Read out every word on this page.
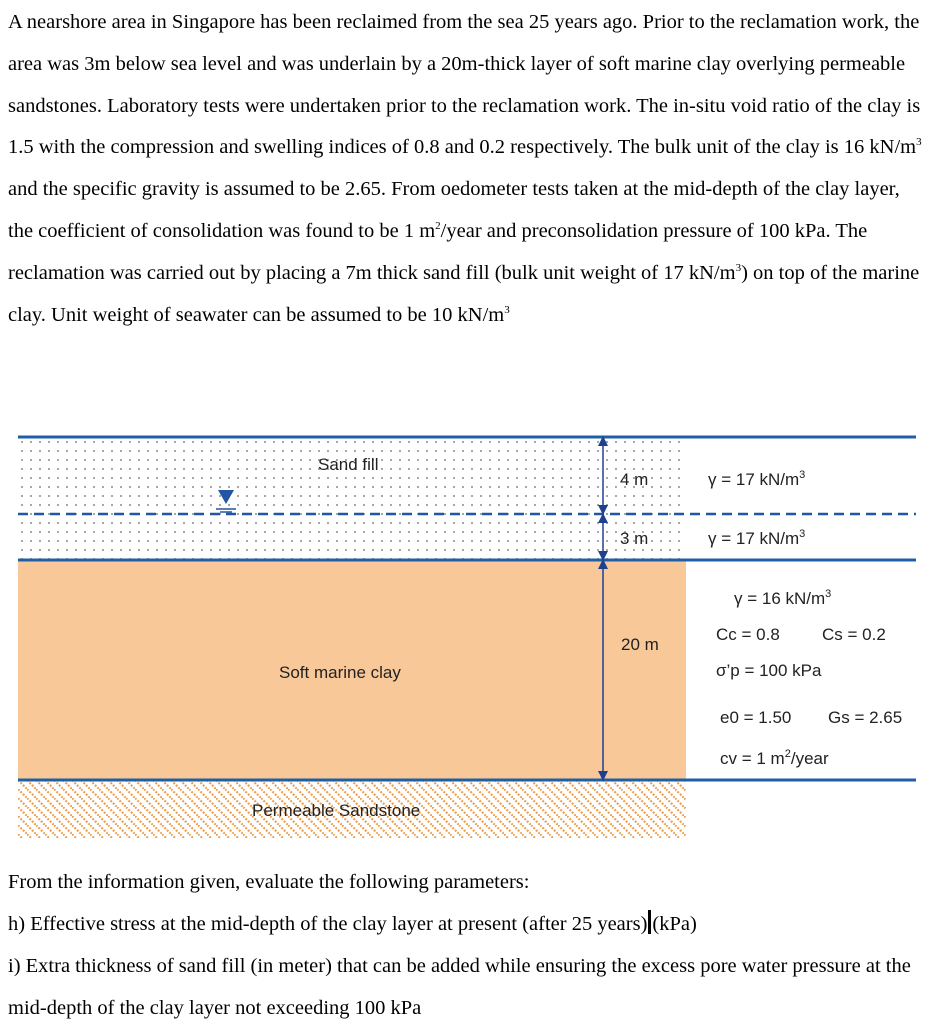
A nearshore area in Singapore has been reclaimed from the sea 25 years ago. Prior to the reclamation work, the area was 3m below sea level and was underlain by a 20m-thick layer of soft marine clay overlying permeable sandstones. Laboratory tests were undertaken prior to the reclamation work. The in-situ void ratio of the clay is 1.5 with the compression and swelling indices of 0.8 and 0.2 respectively. The bulk unit of the clay is 16 $kN/m^3$ and the specific gravity is assumed to be 2.65. From oedometer tests taken at the mid-depth of the clay layer, the coefficient of consolidation was found to be 1 $m^2$/year and preconsolidation pressure of 100 kPa. The reclamation was carried out by placing a 7m thick sand fill (bulk unit weight of 17 $kN/m^3$) on top of the marine clay. Unit weight of seawater can be assumed to be 10 $kN/m^3$
Sand fill
Soft marine clay
Permeable Sandstone
4 m
3 m
20 m
γ = 17 $kN/m^3$
γ = 17 $kN/m^3$
γ = 16 $kN/m^3$
Cc = 0.8 Cs = 0.2
σ’p = 100 kPa
e0 = 1.50 Gs = 2.65
cv = 1 $m^2$/year
From the information given, evaluate the following parameters:
h) Effective stress at the mid-depth of the clay layer at present (after 25 years) (kPa)
i) Extra thickness of sand fill (in meter) that can be added while ensuring the excess pore water pressure at the mid-depth of the clay layer not exceeding 100 kPa
